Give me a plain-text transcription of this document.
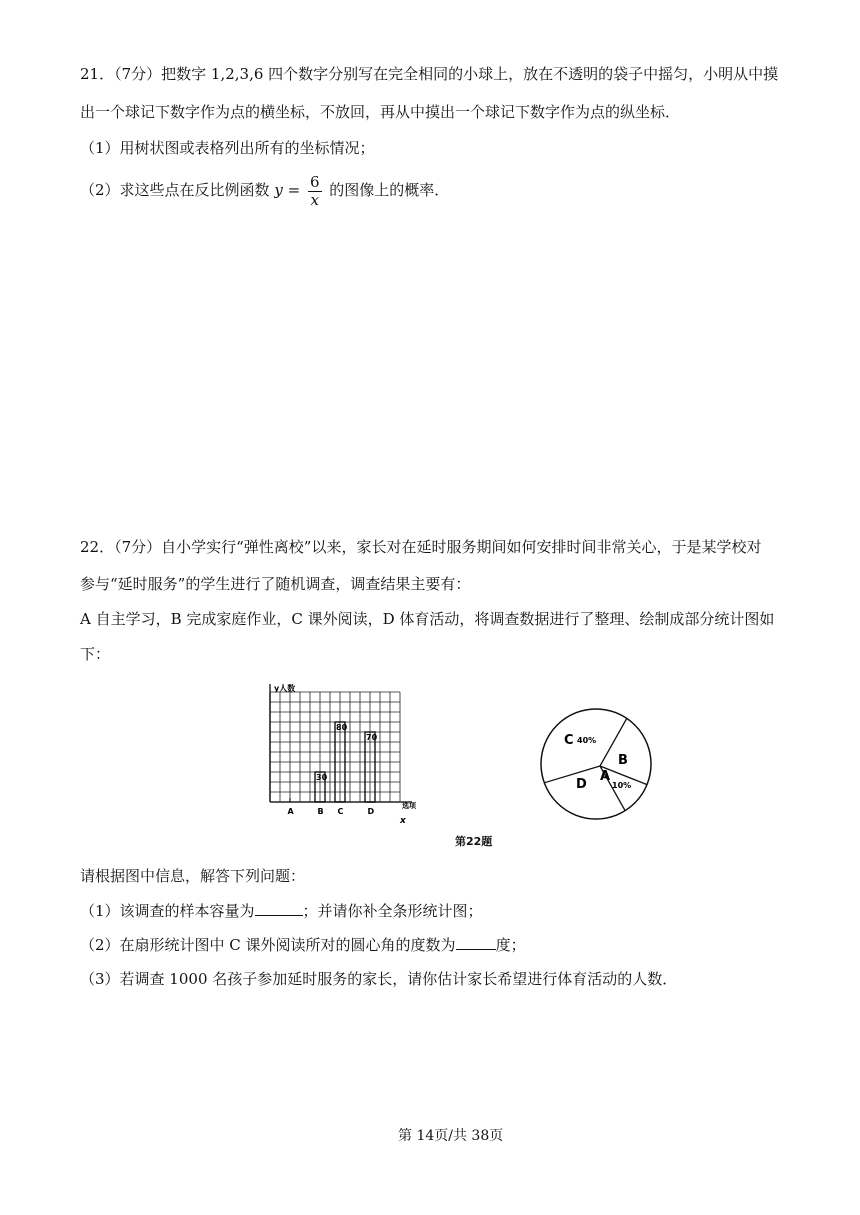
21．（7分）把数字 1,2,3,6 四个数字分别写在完全相同的小球上，放在不透明的袋子中摇匀，小明从中摸
出一个球记下数字作为点的横坐标，不放回，再从中摸出一个球记下数字作为点的纵坐标．
（1）用树状图或表格列出所有的坐标情况；
（2）求这些点在反比例函数 $y = \frac{6}{x}$ 的图像上的概率．
22．（7分）自小学实行“弹性离校”以来，家长对在延时服务期间如何安排时间非常关心，于是某学校对
参与“延时服务”的学生进行了随机调查，调查结果主要有：
A 自主学习，B 完成家庭作业，C 课外阅读，D 体育活动，将调查数据进行了整理、绘制成部分统计图如
下：
A
30
B
80
C
70
D
y人数
选项
x
C 40%
B
A
10%
D
第22题
请根据图中信息，解答下列问题：
（1）该调查的样本容量为	；并请你补全条形统计图；
（2）在扇形统计图中 C 课外阅读所对的圆心角的度数为	度；
（3）若调查 1000 名孩子参加延时服务的家长，请你估计家长希望进行体育活动的人数．
第 14页/共 38页
